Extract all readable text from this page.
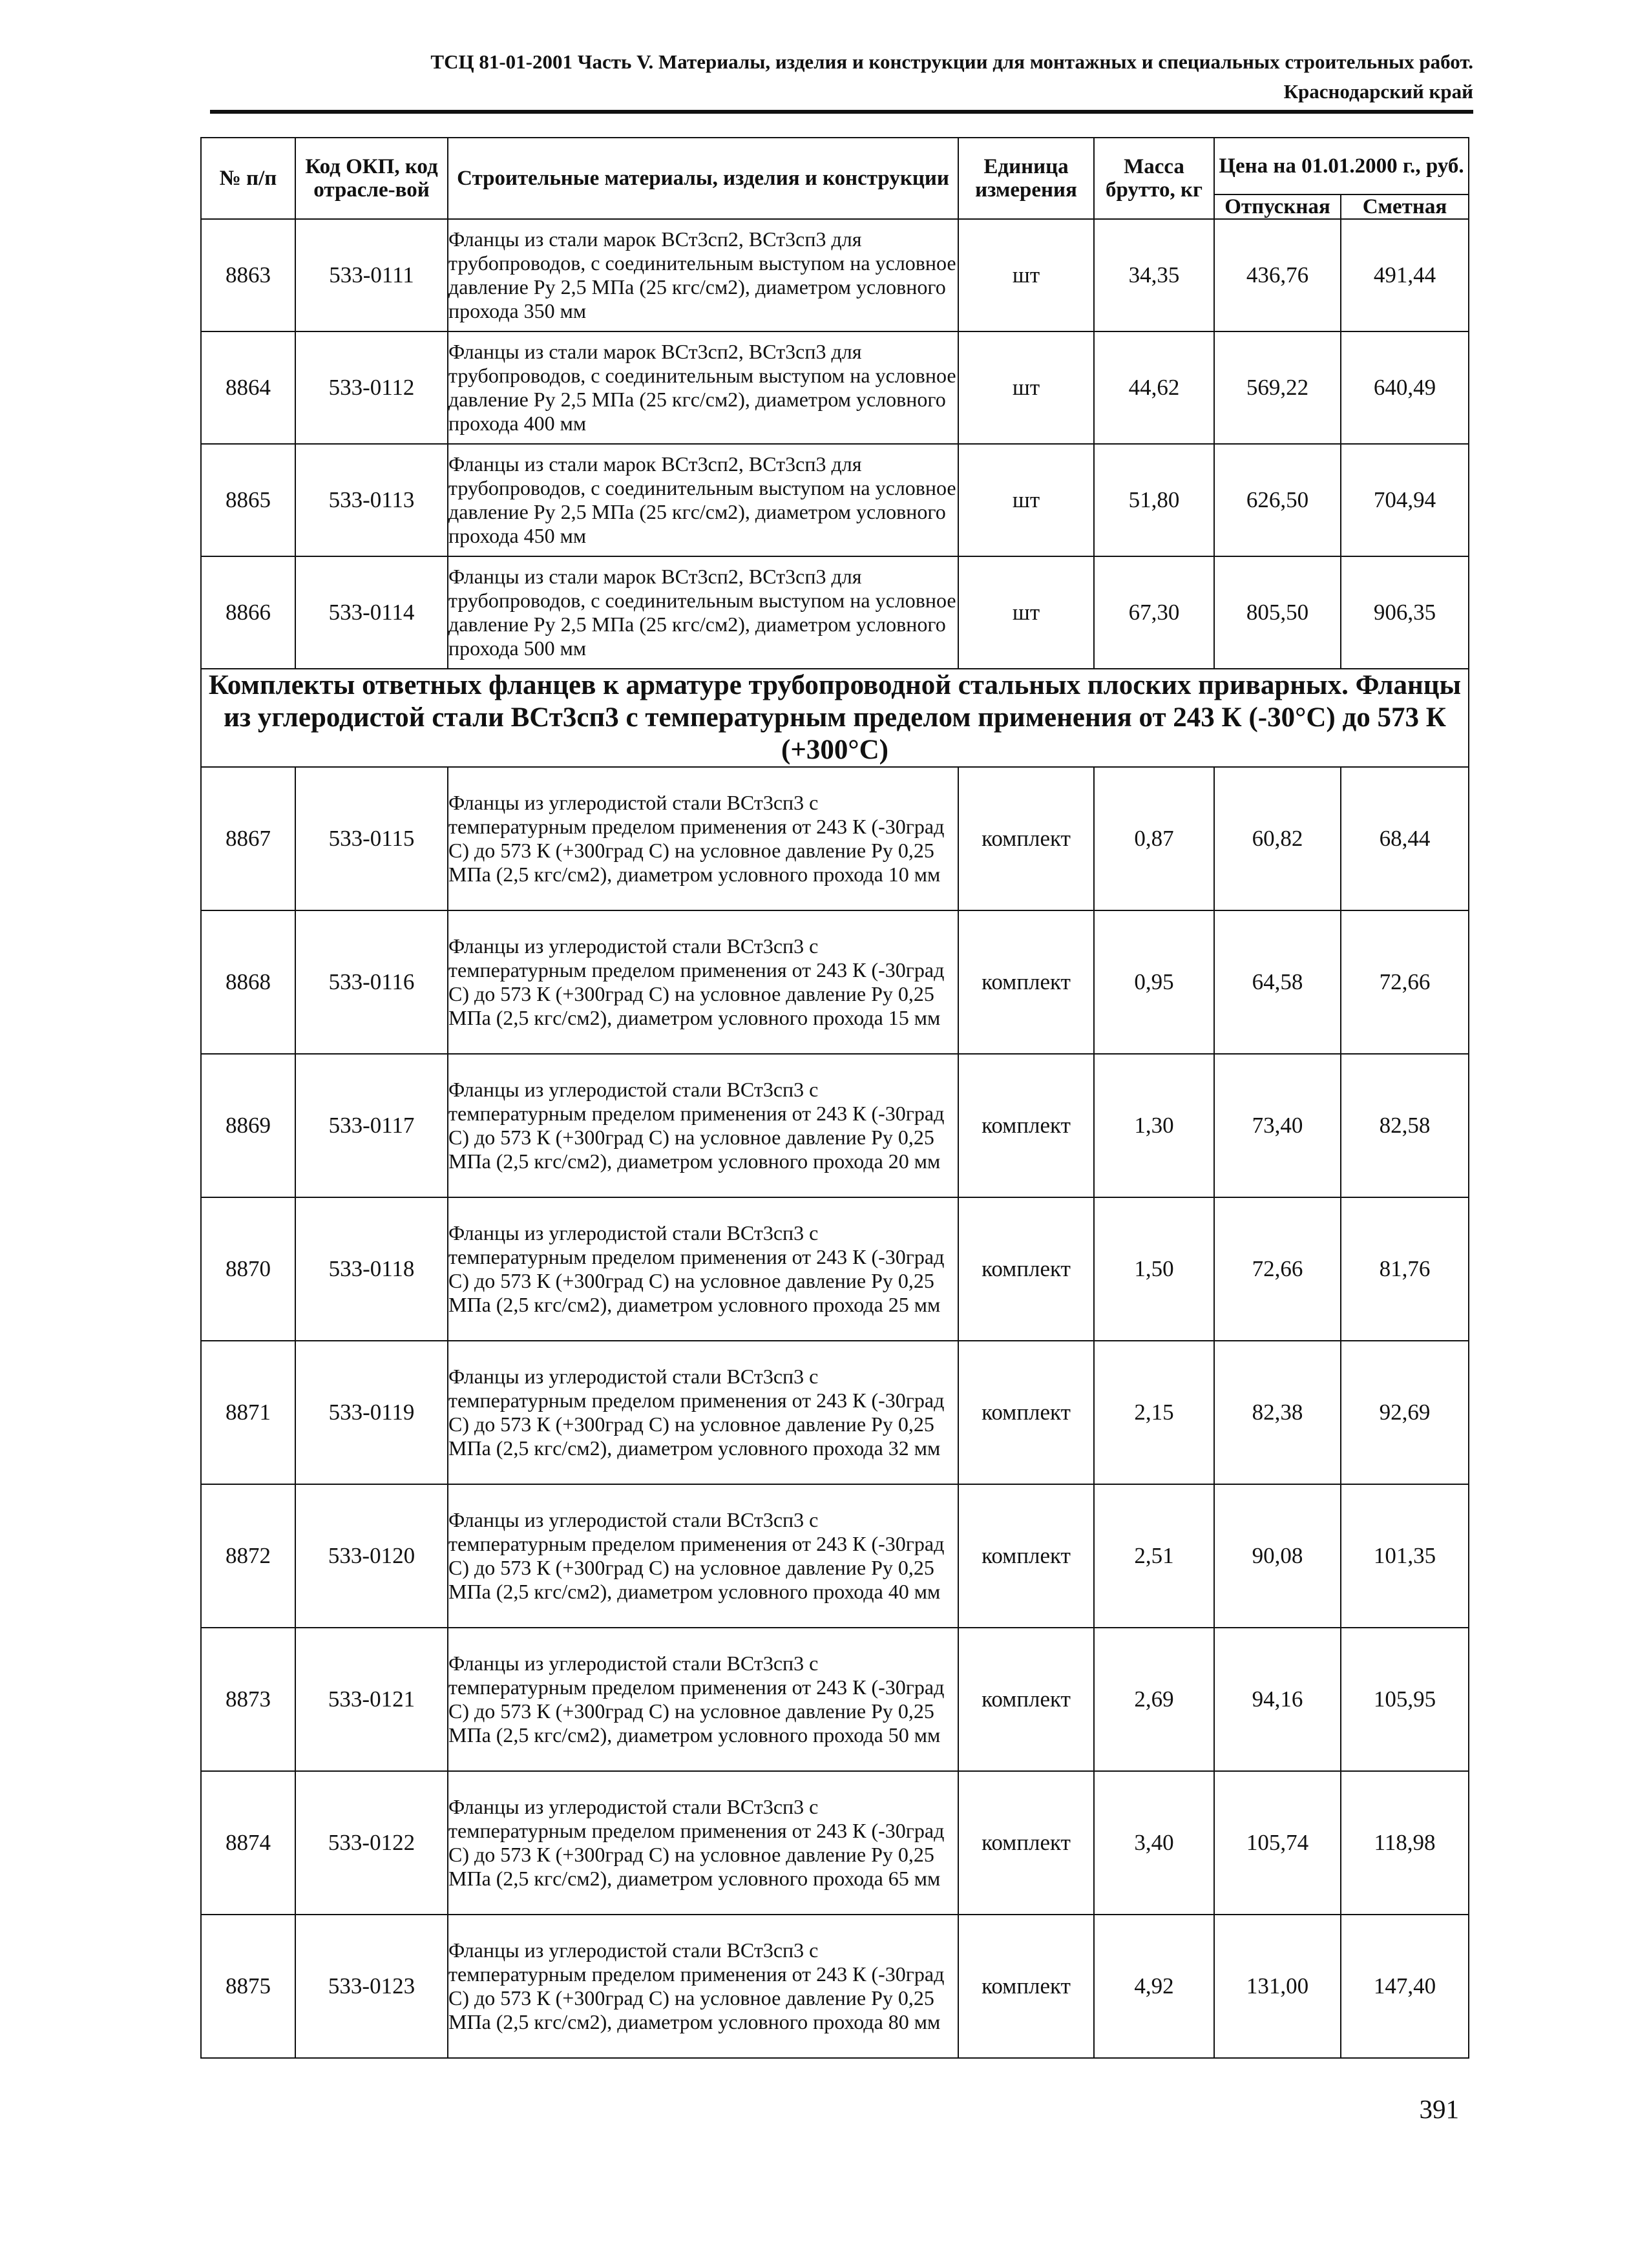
ТСЦ 81-01-2001 Часть V. Материалы, изделия и конструкции для монтажных и специальных строительных работ.
Краснодарский край
№ п/п	Код ОКП, код отрасле-вой	Строительные материалы, изделия и конструкции	Единица измерения	Масса брутто, кг	Цена на 01.01.2000 г., руб.	
					Отпускная	Сметная
8863	533-0111	Фланцы из стали марок ВСт3сп2, ВСт3сп3 для трубопроводов, с соединительным выступом на условное давление Ру 2,5 МПа (25 кгс/см2), диаметром условного прохода 350 мм	шт	34,35	436,76	491,44
8864	533-0112	Фланцы из стали марок ВСт3сп2, ВСт3сп3 для трубопроводов, с соединительным выступом на условное давление Ру 2,5 МПа (25 кгс/см2), диаметром условного прохода 400 мм	шт	44,62	569,22	640,49
8865	533-0113	Фланцы из стали марок ВСт3сп2, ВСт3сп3 для трубопроводов, с соединительным выступом на условное давление Ру 2,5 МПа (25 кгс/см2), диаметром условного прохода 450 мм	шт	51,80	626,50	704,94
8866	533-0114	Фланцы из стали марок ВСт3сп2, ВСт3сп3 для трубопроводов, с соединительным выступом на условное давление Ру 2,5 МПа (25 кгс/см2), диаметром условного прохода 500 мм	шт	67,30	805,50	906,35
Комплекты ответных фланцев к арматуре трубопроводной стальных плоских приварных. Фланцы из углеродистой стали ВСт3сп3 с температурным пределом применения от 243 К (-30°С) до 573 К (+300°С)						
8867	533-0115	Фланцы из углеродистой стали ВСт3сп3 с температурным пределом применения от 243 К (-30град С) до 573 К (+300град С) на условное давление Ру 0,25 МПа (2,5 кгс/см2), диаметром условного прохода 10 мм	комплект	0,87	60,82	68,44
8868	533-0116	Фланцы из углеродистой стали ВСт3сп3 с температурным пределом применения от 243 К (-30град С) до 573 К (+300град С) на условное давление Ру 0,25 МПа (2,5 кгс/см2), диаметром условного прохода 15 мм	комплект	0,95	64,58	72,66
8869	533-0117	Фланцы из углеродистой стали ВСт3сп3 с температурным пределом применения от 243 К (-30град С) до 573 К (+300град С) на условное давление Ру 0,25 МПа (2,5 кгс/см2), диаметром условного прохода 20 мм	комплект	1,30	73,40	82,58
8870	533-0118	Фланцы из углеродистой стали ВСт3сп3 с температурным пределом применения от 243 К (-30град С) до 573 К (+300град С) на условное давление Ру 0,25 МПа (2,5 кгс/см2), диаметром условного прохода 25 мм	комплект	1,50	72,66	81,76
8871	533-0119	Фланцы из углеродистой стали ВСт3сп3 с температурным пределом применения от 243 К (-30град С) до 573 К (+300град С) на условное давление Ру 0,25 МПа (2,5 кгс/см2), диаметром условного прохода 32 мм	комплект	2,15	82,38	92,69
8872	533-0120	Фланцы из углеродистой стали ВСт3сп3 с температурным пределом применения от 243 К (-30град С) до 573 К (+300град С) на условное давление Ру 0,25 МПа (2,5 кгс/см2), диаметром условного прохода 40 мм	комплект	2,51	90,08	101,35
8873	533-0121	Фланцы из углеродистой стали ВСт3сп3 с температурным пределом применения от 243 К (-30град С) до 573 К (+300град С) на условное давление Ру 0,25 МПа (2,5 кгс/см2), диаметром условного прохода 50 мм	комплект	2,69	94,16	105,95
8874	533-0122	Фланцы из углеродистой стали ВСт3сп3 с температурным пределом применения от 243 К (-30град С) до 573 К (+300град С) на условное давление Ру 0,25 МПа (2,5 кгс/см2), диаметром условного прохода 65 мм	комплект	3,40	105,74	118,98
8875	533-0123	Фланцы из углеродистой стали ВСт3сп3 с температурным пределом применения от 243 К (-30град С) до 573 К (+300град С) на условное давление Ру 0,25 МПа (2,5 кгс/см2), диаметром условного прохода 80 мм	комплект	4,92	131,00	147,40
391
